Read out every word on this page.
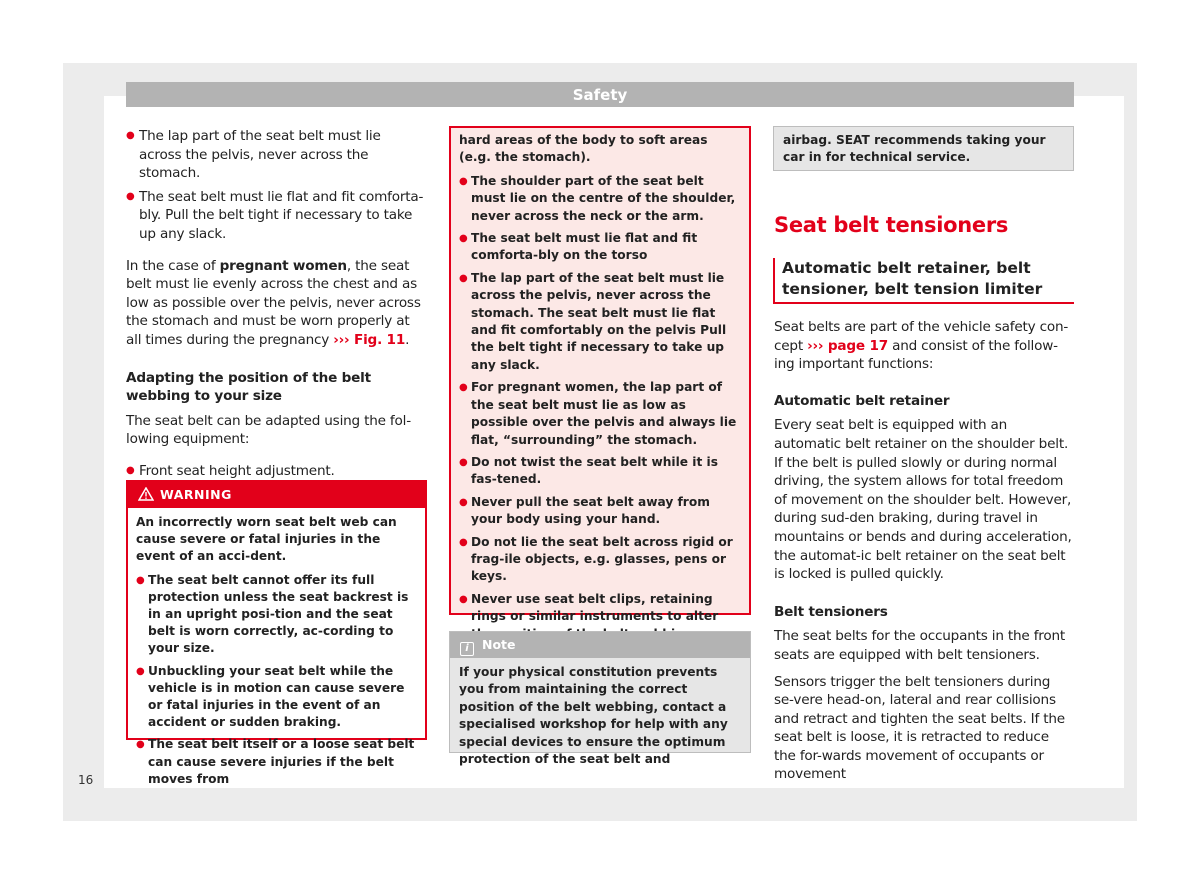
Safety

● The lap part of the seat belt must lie across the pelvis, never across the stomach.

● The seat belt must lie flat and fit comforta-bly. Pull the belt tight if necessary to take up any slack.

In the case of pregnant women, the seat belt must lie evenly across the chest and as low as possible over the pelvis, never across the stomach and must be worn properly at all times during the pregnancy ››› Fig. 11.

Adapting the position of the belt webbing to your size

The seat belt can be adapted using the fol-lowing equipment:

● Front seat height adjustment.

WARNING

An incorrectly worn seat belt web can cause severe or fatal injuries in the event of an acci-dent.

● The seat belt cannot offer its full protection unless the seat backrest is in an upright posi-tion and the seat belt is worn correctly, ac-cording to your size.

● Unbuckling your seat belt while the vehicle is in motion can cause severe or fatal injuries in the event of an accident or sudden braking.

● The seat belt itself or a loose seat belt can cause severe injuries if the belt moves from

hard areas of the body to soft areas (e.g. the stomach).

● The shoulder part of the seat belt must lie on the centre of the shoulder, never across the neck or the arm.

● The seat belt must lie flat and fit comforta-bly on the torso

● The lap part of the seat belt must lie across the pelvis, never across the stomach. The seat belt must lie flat and fit comfortably on the pelvis Pull the belt tight if necessary to take up any slack.

● For pregnant women, the lap part of the seat belt must lie as low as possible over the pelvis and always lie flat, “surrounding” the stomach.

● Do not twist the seat belt while it is fas-tened.

● Never pull the seat belt away from your body using your hand.

● Do not lie the seat belt across rigid or frag-ile objects, e.g. glasses, pens or keys.

● Never use seat belt clips, retaining rings or similar instruments to alter

i Note
If your physical constitution prevents you from maintaining the correct position of the belt webbing, contact a specialised workshop for help with any special devices to ensure the optimum protection of the seat belt and
airbag. SEAT recommends taking your car in for technical service.
Seat belt tensioners
Automatic belt retainer, belt tensioner, belt tension limiter

Seat belts are part of the vehicle safety con-cept ››› page 17 and consist of the follow-ing important functions:

Automatic belt retainer

Every seat belt is equipped with an automatic belt retainer on the shoulder belt. If the belt is pulled slowly or during normal driving, the system allows for total freedom of movement on the shoulder belt. However, during sud-den braking, during travel in mountains or bends and during acceleration, the automat-ic belt retainer on the seat belt is locked is pulled quickly.

Belt tensioners

The seat belts for the occupants in the front seats are equipped with belt tensioners.

Sensors trigger the belt tensioners during se-vere head-on, lateral and rear collisions and retract and tighten the seat belts. If the seat belt is loose, it is retracted to reduce the for-wards movement of occupants or movement

16
